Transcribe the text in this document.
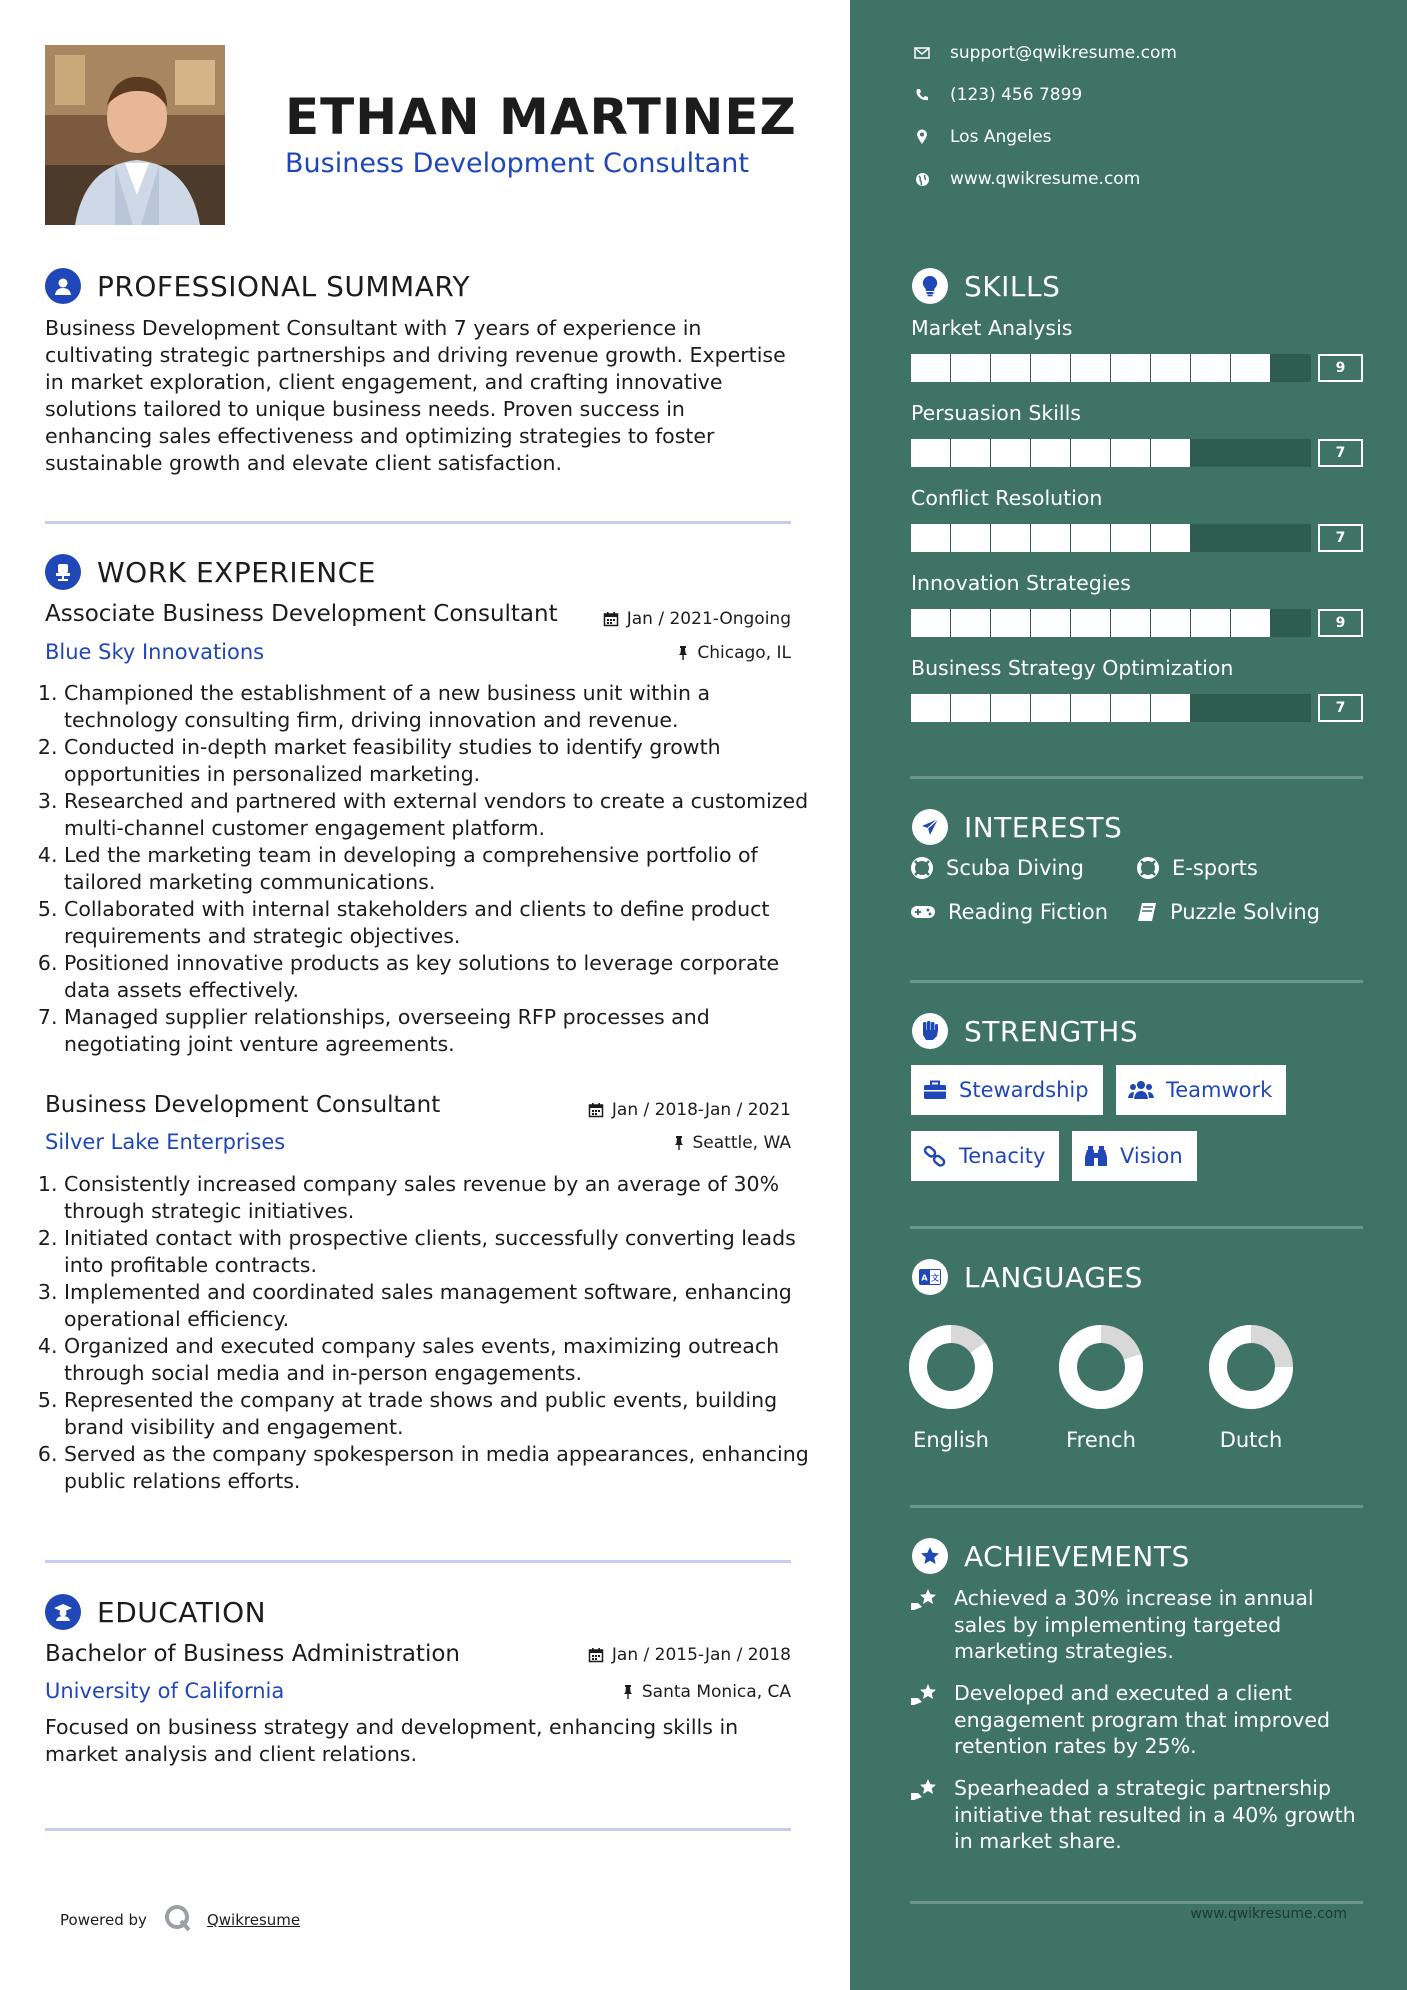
ETHAN MARTINEZ
Business Development Consultant
PROFESSIONAL SUMMARY
Business Development Consultant with 7 years of experience in cultivating strategic partnerships and driving revenue growth. Expertise in market exploration, client engagement, and crafting innovative solutions tailored to unique business needs. Proven success in enhancing sales effectiveness and optimizing strategies to foster sustainable growth and elevate client satisfaction.
WORK EXPERIENCE
Associate Business Development Consultant	Jan / 2021-Ongoing
Blue Sky Innovations	Chicago, IL
1. Championed the establishment of a new business unit within a technology consulting firm, driving innovation and revenue.
2. Conducted in-depth market feasibility studies to identify growth opportunities in personalized marketing.
3. Researched and partnered with external vendors to create a customized multi-channel customer engagement platform.
4. Led the marketing team in developing a comprehensive portfolio of tailored marketing communications.
5. Collaborated with internal stakeholders and clients to define product requirements and strategic objectives.
6. Positioned innovative products as key solutions to leverage corporate data assets effectively.
7. Managed supplier relationships, overseeing RFP processes and negotiating joint venture agreements.
Business Development Consultant	Jan / 2018-Jan / 2021
Silver Lake Enterprises	Seattle, WA
1. Consistently increased company sales revenue by an average of 30% through strategic initiatives.
2. Initiated contact with prospective clients, successfully converting leads into profitable contracts.
3. Implemented and coordinated sales management software, enhancing operational efficiency.
4. Organized and executed company sales events, maximizing outreach through social media and in-person engagements.
5. Represented the company at trade shows and public events, building brand visibility and engagement.
6. Served as the company spokesperson in media appearances, enhancing public relations efforts.
EDUCATION
Bachelor of Business Administration	Jan / 2015-Jan / 2018
University of California	Santa Monica, CA
Focused on business strategy and development, enhancing skills in market analysis and client relations.
Powered by	Qwikresume
support@qwikresume.com
(123) 456 7899
Los Angeles
www.qwikresume.com
SKILLS
Market Analysis
9
Persuasion Skills
7
Conflict Resolution
7
Innovation Strategies
9
Business Strategy Optimization
7
INTERESTS
Scuba Diving	E-sports
Reading Fiction	Puzzle Solving
STRENGTHS
Stewardship	Teamwork
Tenacity	Vision
A 文 LANGUAGES
English	French	Dutch
ACHIEVEMENTS
Achieved a 30% increase in annual sales by implementing targeted marketing strategies.
Developed and executed a client engagement program that improved retention rates by 25%.
Spearheaded a strategic partnership initiative that resulted in a 40% growth in market share.
www.qwikresume.com
